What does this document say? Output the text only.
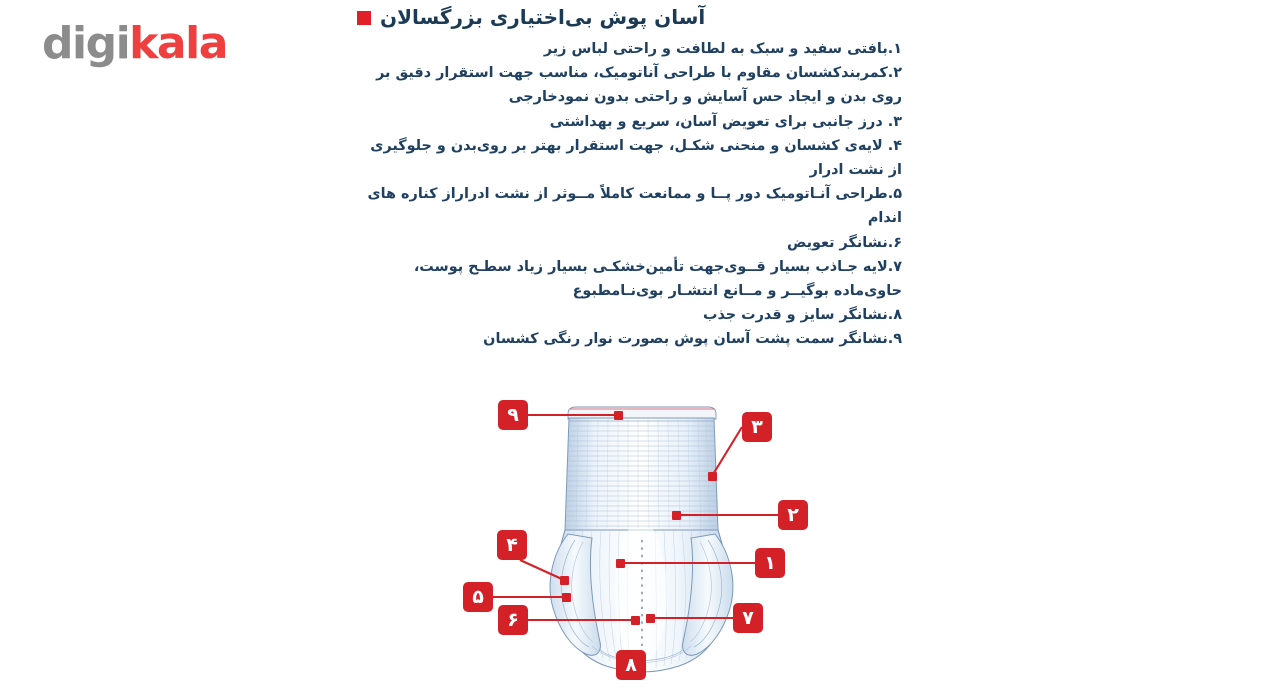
digikala
آسان پوش بی‌اختیاری بزرگسالان
۱.بافتی سفید و سبک به لطافت و راحتی لباس زیر
۲.کمربندکشسان مقاوم با طراحی آناتومیک، مناسب جهت استقرار دقیق بر روی بدن و ایجاد حس آسایش و راحتی بدون نمودخارجی
۳. درز جانبی برای تعویض آسان، سریع و بهداشتی
۴. لایه‌ی کشسان و منحنی شکـل، جهت استقرار بهتر بر روی‌بدن و جلوگیری از نشت ادرار
۵.طراحی آنـاتومیک دور پــا و ممانعت کاملاً مــوثر از نشت ادراراز کناره های اندام
۶.نشانگر تعویض
۷.لایه جـاذب بسیار قــوی‌جهت تأمین‌خشکـی بسیار زیاد سطـح پوست، حاوی‌ماده بوگیــر و مــانع انتشـار بوی‌نـامطبوع
۸.نشانگر سایز و قدرت جذب
۹.نشانگر سمت پشت آسان پوش بصورت نوار رنگی کشسان
۹
۳
۲
۴
۵
۶
۱
۷
۸
